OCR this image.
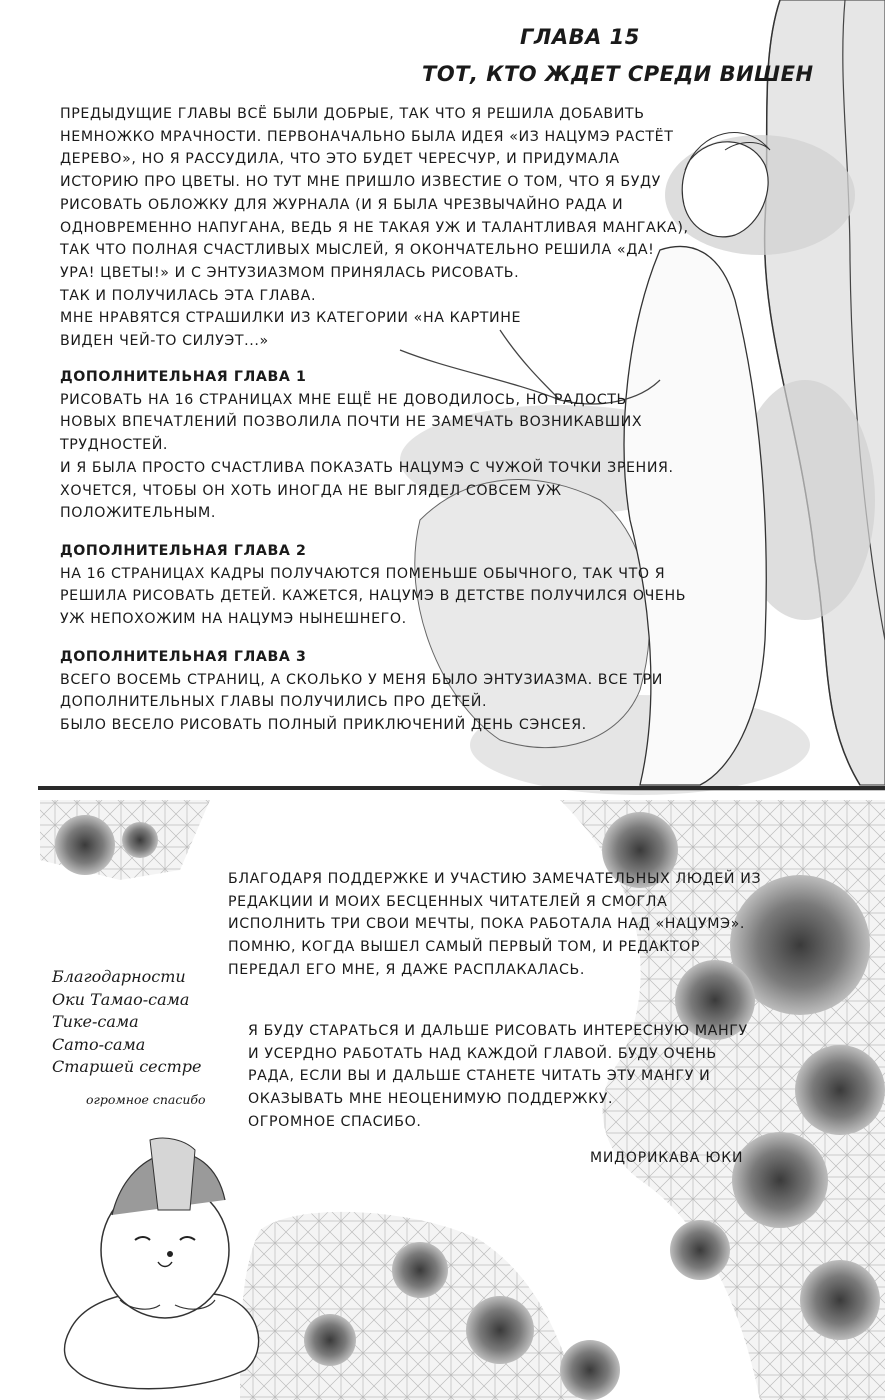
ГЛАВА 15
ТОТ, КТО ЖДЕТ СРЕДИ ВИШЕН
ПРЕДЫДУЩИЕ ГЛАВЫ ВСЁ БЫЛИ ДОБРЫЕ, ТАК ЧТО Я РЕШИЛА ДОБАВИТЬ
НЕМНОЖКО МРАЧНОСТИ. ПЕРВОНАЧАЛЬНО БЫЛА ИДЕЯ «ИЗ НАЦУМЭ РАСТЁТ
ДЕРЕВО», НО Я РАССУДИЛА, ЧТО ЭТО БУДЕТ ЧЕРЕСЧУР, И ПРИДУМАЛА
ИСТОРИЮ ПРО ЦВЕТЫ. НО ТУТ МНЕ ПРИШЛО ИЗВЕСТИЕ О ТОМ, ЧТО Я БУДУ
РИСОВАТЬ ОБЛОЖКУ ДЛЯ ЖУРНАЛА (И Я БЫЛА ЧРЕЗВЫЧАЙНО РАДА И
ОДНОВРЕМЕННО НАПУГАНА, ВЕДЬ Я НЕ ТАКАЯ УЖ И ТАЛАНТЛИВАЯ МАНГАКА),
ТАК ЧТО ПОЛНАЯ СЧАСТЛИВЫХ МЫСЛЕЙ, Я ОКОНЧАТЕЛЬНО РЕШИЛА «ДА!
УРА! ЦВЕТЫ!» И С ЭНТУЗИАЗМОМ ПРИНЯЛАСЬ РИСОВАТЬ.
ТАК И ПОЛУЧИЛАСЬ ЭТА ГЛАВА.
МНЕ НРАВЯТСЯ СТРАШИЛКИ ИЗ КАТЕГОРИИ «НА КАРТИНЕ
ВИДЕН ЧЕЙ-ТО СИЛУЭТ...»
ДОПОЛНИТЕЛЬНАЯ ГЛАВА 1
РИСОВАТЬ НА 16 СТРАНИЦАХ МНЕ ЕЩЁ НЕ ДОВОДИЛОСЬ, НО РАДОСТЬ
НОВЫХ ВПЕЧАТЛЕНИЙ ПОЗВОЛИЛА ПОЧТИ НЕ ЗАМЕЧАТЬ ВОЗНИКАВШИХ
ТРУДНОСТЕЙ.
И Я БЫЛА ПРОСТО СЧАСТЛИВА ПОКАЗАТЬ НАЦУМЭ С ЧУЖОЙ ТОЧКИ ЗРЕНИЯ.
ХОЧЕТСЯ, ЧТОБЫ ОН ХОТЬ ИНОГДА НЕ ВЫГЛЯДЕЛ СОВСЕМ УЖ
ПОЛОЖИТЕЛЬНЫМ.
ДОПОЛНИТЕЛЬНАЯ ГЛАВА 2
НА 16 СТРАНИЦАХ КАДРЫ ПОЛУЧАЮТСЯ ПОМЕНЬШЕ ОБЫЧНОГО, ТАК ЧТО Я
РЕШИЛА РИСОВАТЬ ДЕТЕЙ. КАЖЕТСЯ, НАЦУМЭ В ДЕТСТВЕ ПОЛУЧИЛСЯ ОЧЕНЬ
УЖ НЕПОХОЖИМ НА НАЦУМЭ НЫНЕШНЕГО.
ДОПОЛНИТЕЛЬНАЯ ГЛАВА 3
ВСЕГО ВОСЕМЬ СТРАНИЦ, А СКОЛЬКО У МЕНЯ БЫЛО ЭНТУЗИАЗМА. ВСЕ ТРИ
ДОПОЛНИТЕЛЬНЫХ ГЛАВЫ ПОЛУЧИЛИСЬ ПРО ДЕТЕЙ.
БЫЛО ВЕСЕЛО РИСОВАТЬ ПОЛНЫЙ ПРИКЛЮЧЕНИЙ ДЕНЬ СЭНСЕЯ.
БЛАГОДАРЯ ПОДДЕРЖКЕ И УЧАСТИЮ ЗАМЕЧАТЕЛЬНЫХ ЛЮДЕЙ ИЗ
РЕДАКЦИИ И МОИХ БЕСЦЕННЫХ ЧИТАТЕЛЕЙ Я СМОГЛА
ИСПОЛНИТЬ ТРИ СВОИ МЕЧТЫ, ПОКА РАБОТАЛА НАД «НАЦУМЭ».
ПОМНЮ, КОГДА ВЫШЕЛ САМЫЙ ПЕРВЫЙ ТОМ, И РЕДАКТОР
ПЕРЕДАЛ ЕГО МНЕ, Я ДАЖЕ РАСПЛАКАЛАСЬ.
Я БУДУ СТАРАТЬСЯ И ДАЛЬШЕ РИСОВАТЬ ИНТЕРЕСНУЮ МАНГУ
И УСЕРДНО РАБОТАТЬ НАД КАЖДОЙ ГЛАВОЙ. БУДУ ОЧЕНЬ
РАДА, ЕСЛИ ВЫ И ДАЛЬШЕ СТАНЕТЕ ЧИТАТЬ ЭТУ МАНГУ И
ОКАЗЫВАТЬ МНЕ НЕОЦЕНИМУЮ ПОДДЕРЖКУ.
ОГРОМНОЕ СПАСИБО.
МИДОРИКАВА ЮКИ
Благодарности
Оки Тамао-сама
Тике-сама
Сато-сама
Старшей сестре
огромное спасибо
